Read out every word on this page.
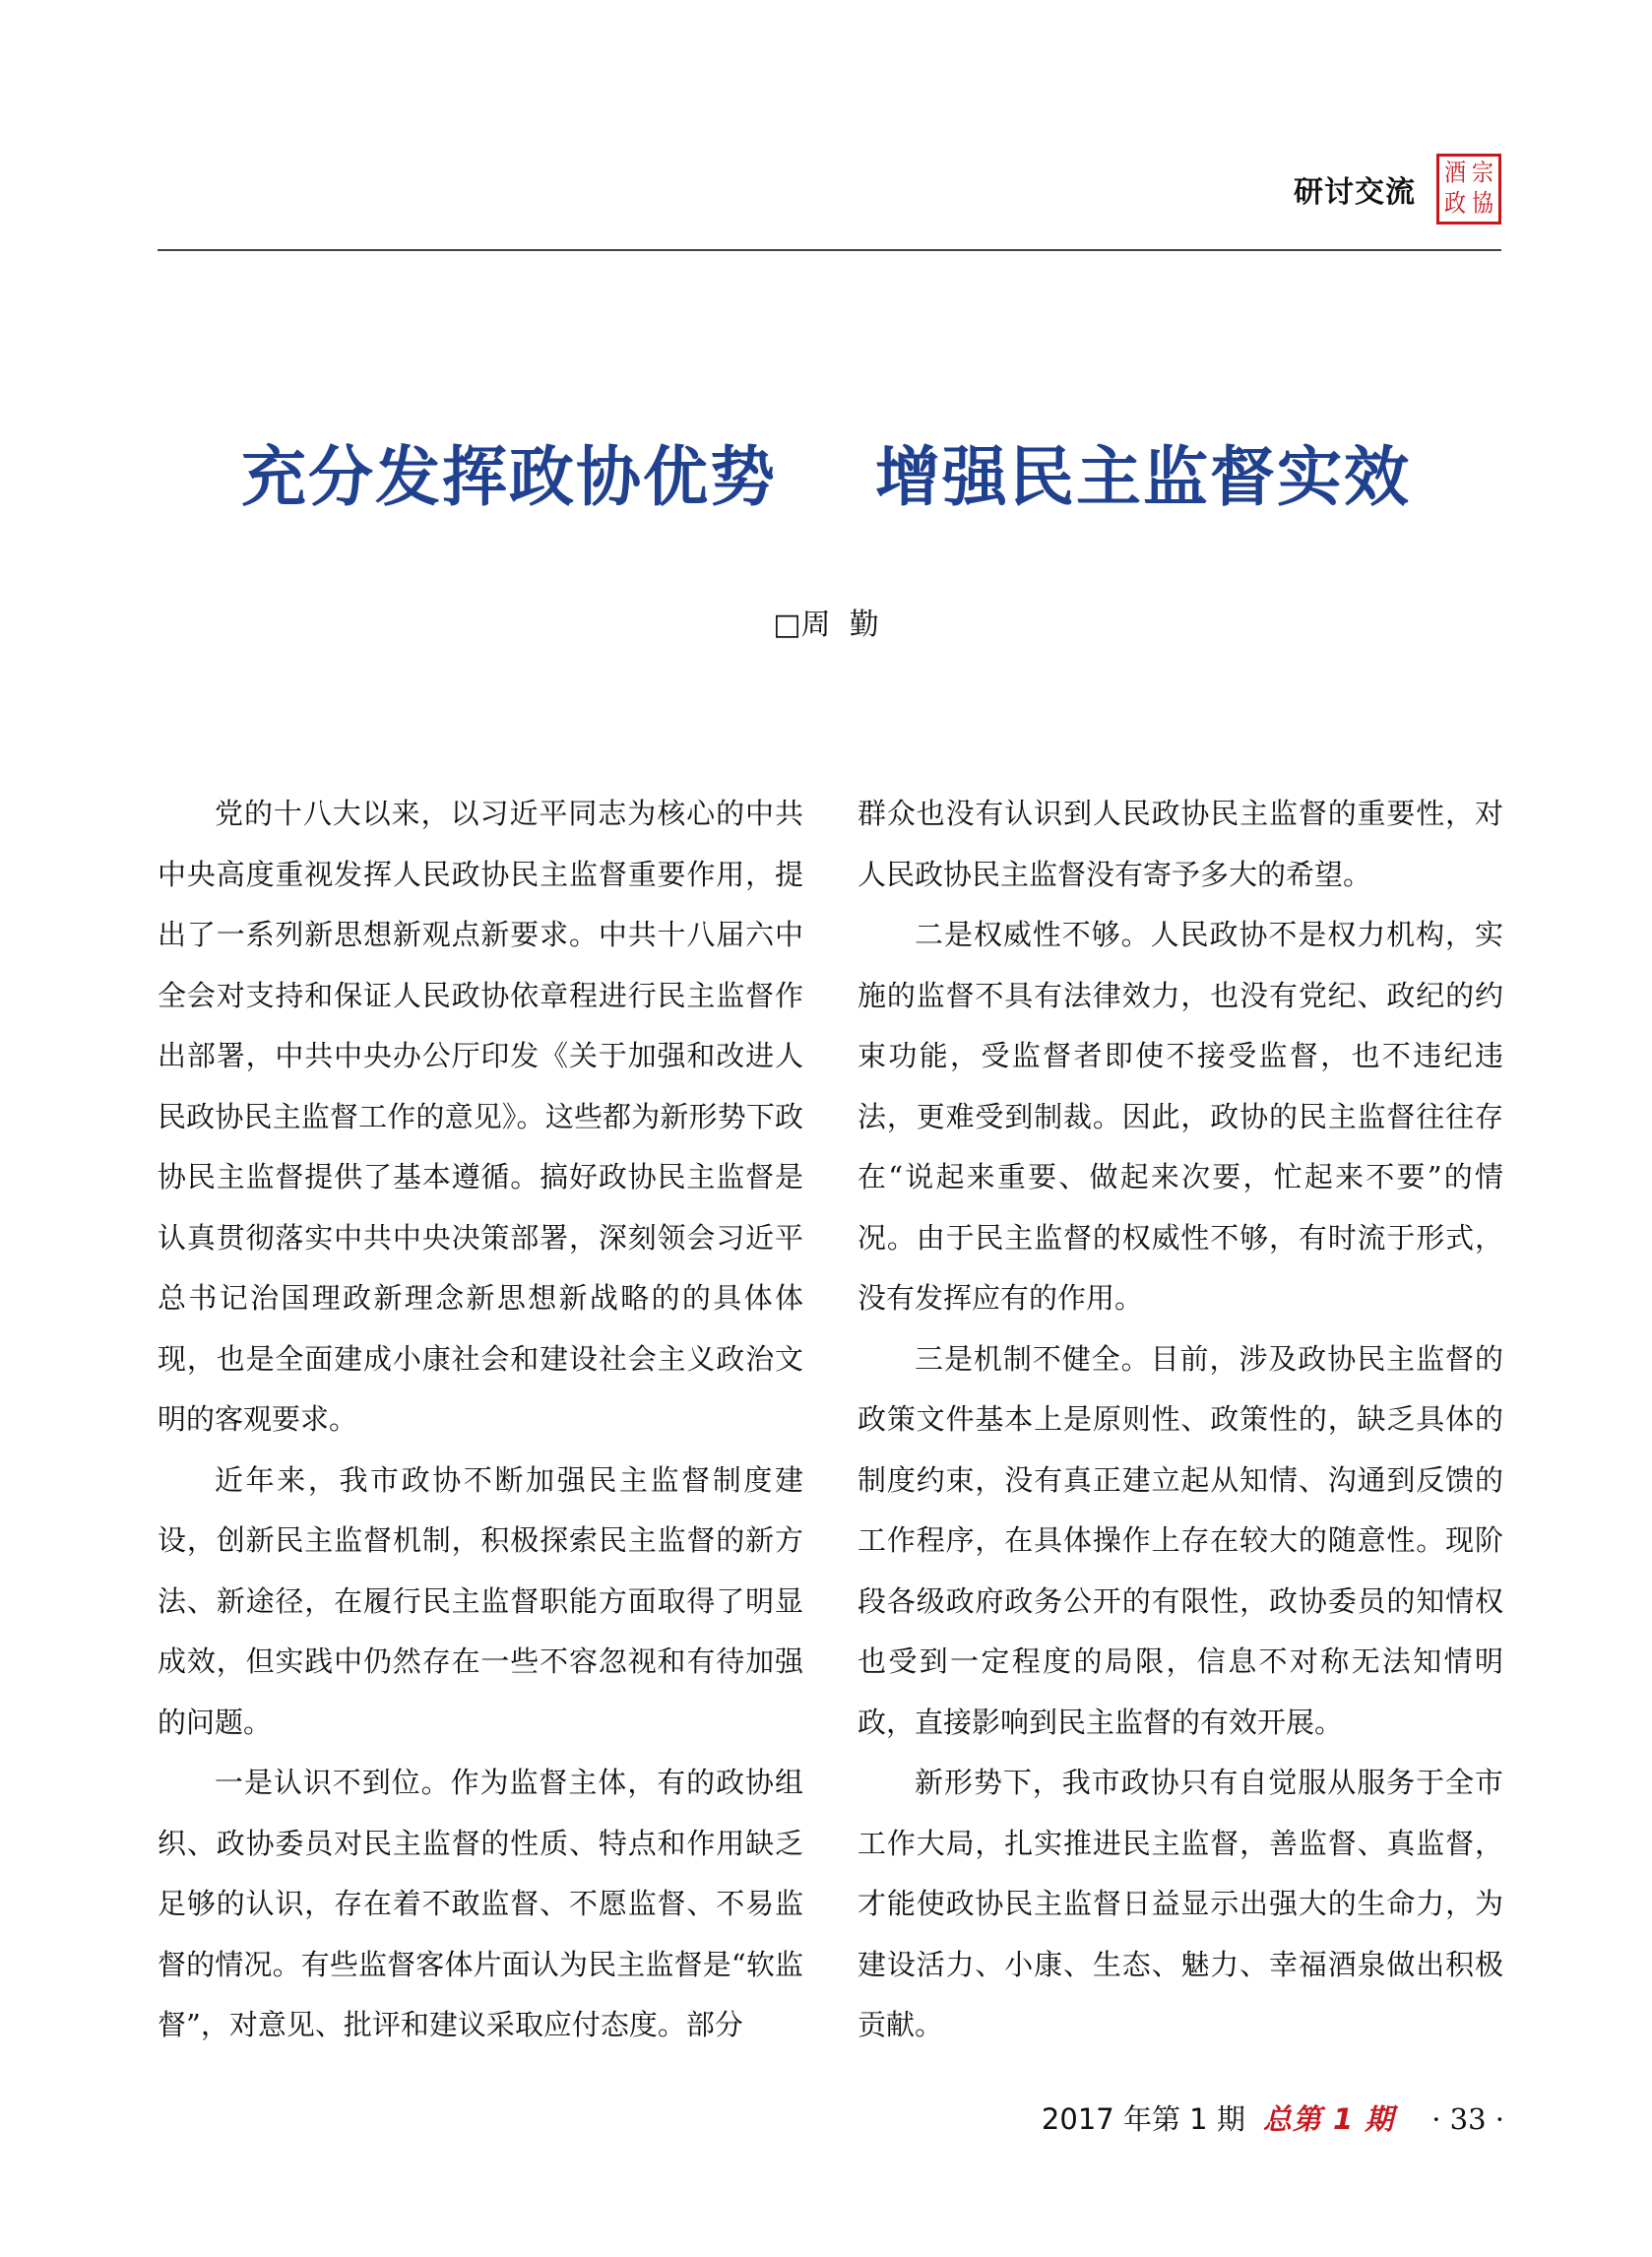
研讨交流
酒 宗
政 協
充分发挥政协优势    增强民主监督实效
□周  勤

党的十八大以来，以习近平同志为核心的中共中央高度重视发挥人民政协民主监督重要作用，提出了一系列新思想新观点新要求。中共十八届六中全会对支持和保证人民政协依章程进行民主监督作出部署，中共中央办公厅印发《关于加强和改进人民政协民主监督工作的意见》。这些都为新形势下政协民主监督提供了基本遵循。搞好政协民主监督是认真贯彻落实中共中央决策部署，深刻领会习近平总书记治国理政新理念新思想新战略的的具体体现，也是全面建成小康社会和建设社会主义政治文明的客观要求。

近年来，我市政协不断加强民主监督制度建设，创新民主监督机制，积极探索民主监督的新方法、新途径，在履行民主监督职能方面取得了明显成效，但实践中仍然存在一些不容忽视和有待加强的问题。

一是认识不到位。作为监督主体，有的政协组织、政协委员对民主监督的性质、特点和作用缺乏足够的认识，存在着不敢监督、不愿监督、不易监督的情况。有些监督客体片面认为民主监督是“软监督”，对意见、批评和建议采取应付态度。部分

群众也没有认识到人民政协民主监督的重要性，对人民政协民主监督没有寄予多大的希望。

二是权威性不够。人民政协不是权力机构，实施的监督不具有法律效力，也没有党纪、政纪的约束功能，受监督者即使不接受监督，也不违纪违法，更难受到制裁。因此，政协的民主监督往往存在“说起来重要、做起来次要，忙起来不要”的情况。由于民主监督的权威性不够，有时流于形式，没有发挥应有的作用。

三是机制不健全。目前，涉及政协民主监督的政策文件基本上是原则性、政策性的，缺乏具体的制度约束，没有真正建立起从知情、沟通到反馈的工作程序，在具体操作上存在较大的随意性。现阶段各级政府政务公开的有限性，政协委员的知情权也受到一定程度的局限，信息不对称无法知情明政，直接影响到民主监督的有效开展。

新形势下，我市政协只有自觉服从服务于全市工作大局，扎实推进民主监督，善监督、真监督，才能使政协民主监督日益显示出强大的生命力，为建设活力、小康、生态、魅力、幸福酒泉做出积极贡献。

2017 年第 1 期 总第 1 期 · 33 ·
